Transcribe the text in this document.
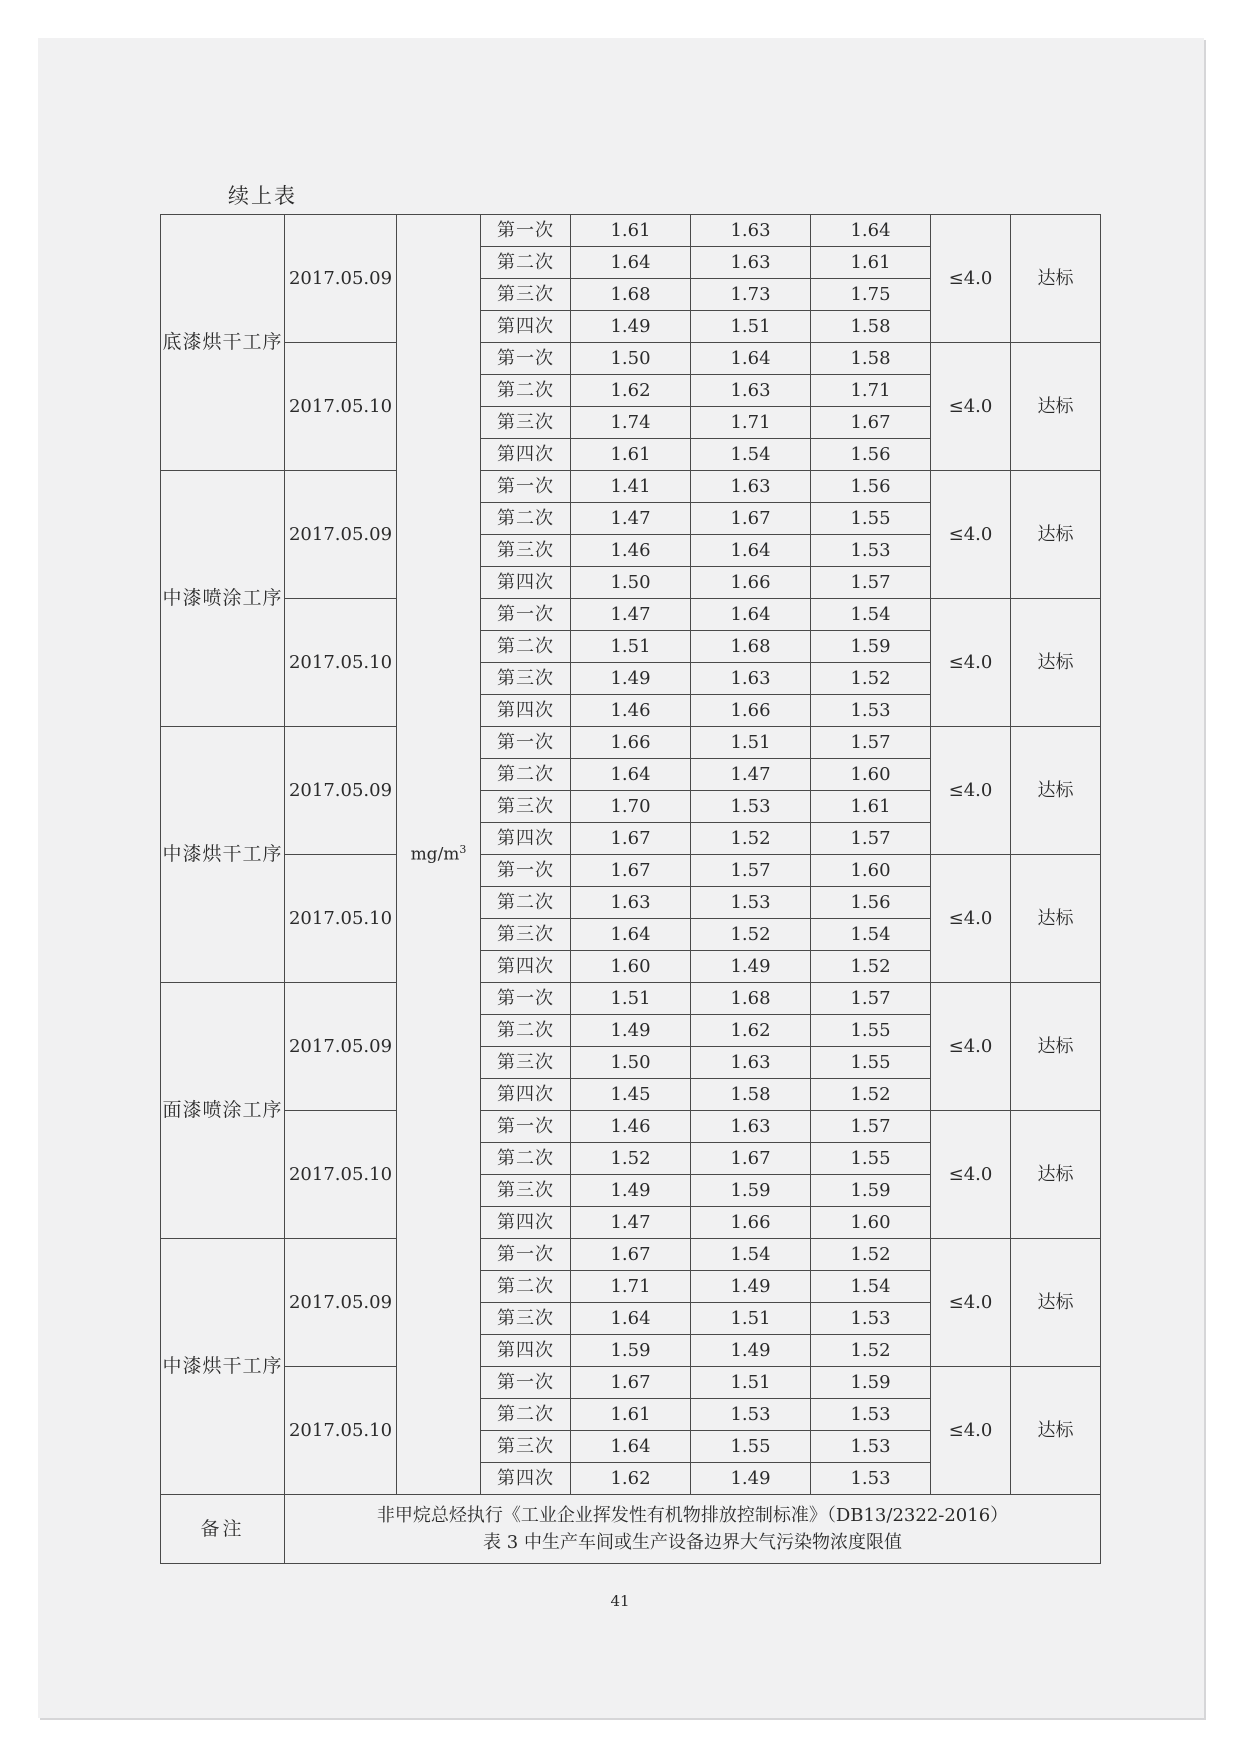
续上表
底漆烘干工序	2017.05.09	$mg/m^3$	第一次	1.61	1.63	1.64	≤4.0	达标
			第二次	1.64	1.63	1.61		
			第三次	1.68	1.73	1.75		
			第四次	1.49	1.51	1.58		
	2017.05.10		第一次	1.50	1.64	1.58	≤4.0	达标
			第二次	1.62	1.63	1.71		
			第三次	1.74	1.71	1.67		
			第四次	1.61	1.54	1.56		
中漆喷涂工序	2017.05.09		第一次	1.41	1.63	1.56	≤4.0	达标
			第二次	1.47	1.67	1.55		
			第三次	1.46	1.64	1.53		
			第四次	1.50	1.66	1.57		
	2017.05.10		第一次	1.47	1.64	1.54	≤4.0	达标
			第二次	1.51	1.68	1.59		
			第三次	1.49	1.63	1.52		
			第四次	1.46	1.66	1.53		
中漆烘干工序	2017.05.09		第一次	1.66	1.51	1.57	≤4.0	达标
			第二次	1.64	1.47	1.60		
			第三次	1.70	1.53	1.61		
			第四次	1.67	1.52	1.57		
	2017.05.10		第一次	1.67	1.57	1.60	≤4.0	达标
			第二次	1.63	1.53	1.56		
			第三次	1.64	1.52	1.54		
			第四次	1.60	1.49	1.52		
面漆喷涂工序	2017.05.09		第一次	1.51	1.68	1.57	≤4.0	达标
			第二次	1.49	1.62	1.55		
			第三次	1.50	1.63	1.55		
			第四次	1.45	1.58	1.52		
	2017.05.10		第一次	1.46	1.63	1.57	≤4.0	达标
			第二次	1.52	1.67	1.55		
			第三次	1.49	1.59	1.59		
			第四次	1.47	1.66	1.60		
中漆烘干工序	2017.05.09		第一次	1.67	1.54	1.52	≤4.0	达标
			第二次	1.71	1.49	1.54		
			第三次	1.64	1.51	1.53		
			第四次	1.59	1.49	1.52		
	2017.05.10		第一次	1.67	1.51	1.59	≤4.0	达标
			第二次	1.61	1.53	1.53		
			第三次	1.64	1.55	1.53		
			第四次	1.62	1.49	1.53		
备注	非甲烷总烃执行《工业企业挥发性有机物排放控制标准》（DB13/2322-2016）
表 3 中生产车间或生产设备边界大气污染物浓度限值							
41
